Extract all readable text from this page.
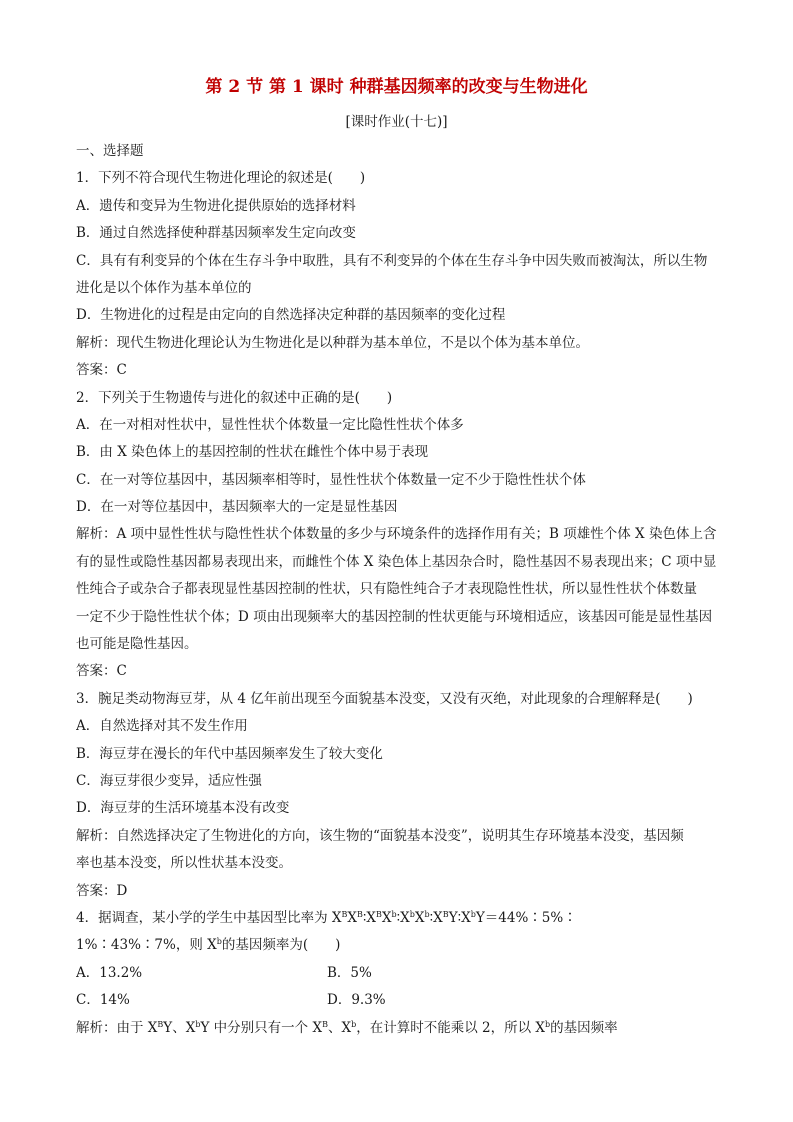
第 2 节 第 1 课时 种群基因频率的改变与生物进化
[课时作业(十七)]
一、选择题
1．下列不符合现代生物进化理论的叙述是(　　)
A．遗传和变异为生物进化提供原始的选择材料
B．通过自然选择使种群基因频率发生定向改变
C．具有有利变异的个体在生存斗争中取胜，具有不利变异的个体在生存斗争中因失败而被淘汰，所以生物
进化是以个体作为基本单位的
D．生物进化的过程是由定向的自然选择决定种群的基因频率的变化过程
解析：现代生物进化理论认为生物进化是以种群为基本单位，不是以个体为基本单位。
答案：C
2．下列关于生物遗传与进化的叙述中正确的是(　　)
A．在一对相对性状中，显性性状个体数量一定比隐性性状个体多
B．由 X 染色体上的基因控制的性状在雌性个体中易于表现
C．在一对等位基因中，基因频率相等时，显性性状个体数量一定不少于隐性性状个体
D．在一对等位基因中，基因频率大的一定是显性基因
解析：A 项中显性性状与隐性性状个体数量的多少与环境条件的选择作用有关；B 项雄性个体 X 染色体上含
有的显性或隐性基因都易表现出来，而雌性个体 X 染色体上基因杂合时，隐性基因不易表现出来；C 项中显
性纯合子或杂合子都表现显性基因控制的性状，只有隐性纯合子才表现隐性性状，所以显性性状个体数量
一定不少于隐性性状个体；D 项由出现频率大的基因控制的性状更能与环境相适应，该基因可能是显性基因
也可能是隐性基因。
答案：C
3．腕足类动物海豆芽，从 4 亿年前出现至今面貌基本没变，又没有灭绝，对此现象的合理解释是(　　)
A．自然选择对其不发生作用
B．海豆芽在漫长的年代中基因频率发生了较大变化
C．海豆芽很少变异，适应性强
D．海豆芽的生活环境基本没有改变
解析：自然选择决定了生物进化的方向，该生物的“面貌基本没变”，说明其生存环境基本没变，基因频
率也基本没变，所以性状基本没变。
答案：D
4．据调查，某小学的学生中基因型比率为 $X^BX^B∶X^BX^b∶X^bX^b∶X^BY∶X^bY=44\%∶5\%∶$
1%∶43%∶7%，则 $X^b$的基因频率为(　　)
A．13.2%	B．5%
C．14%	D．9.3%
解析：由于 $X^BY$、$X^bY$ 中分别只有一个 $X^B$、$X^b$，在计算时不能乘以 2，所以 $X^b$的基因频率
